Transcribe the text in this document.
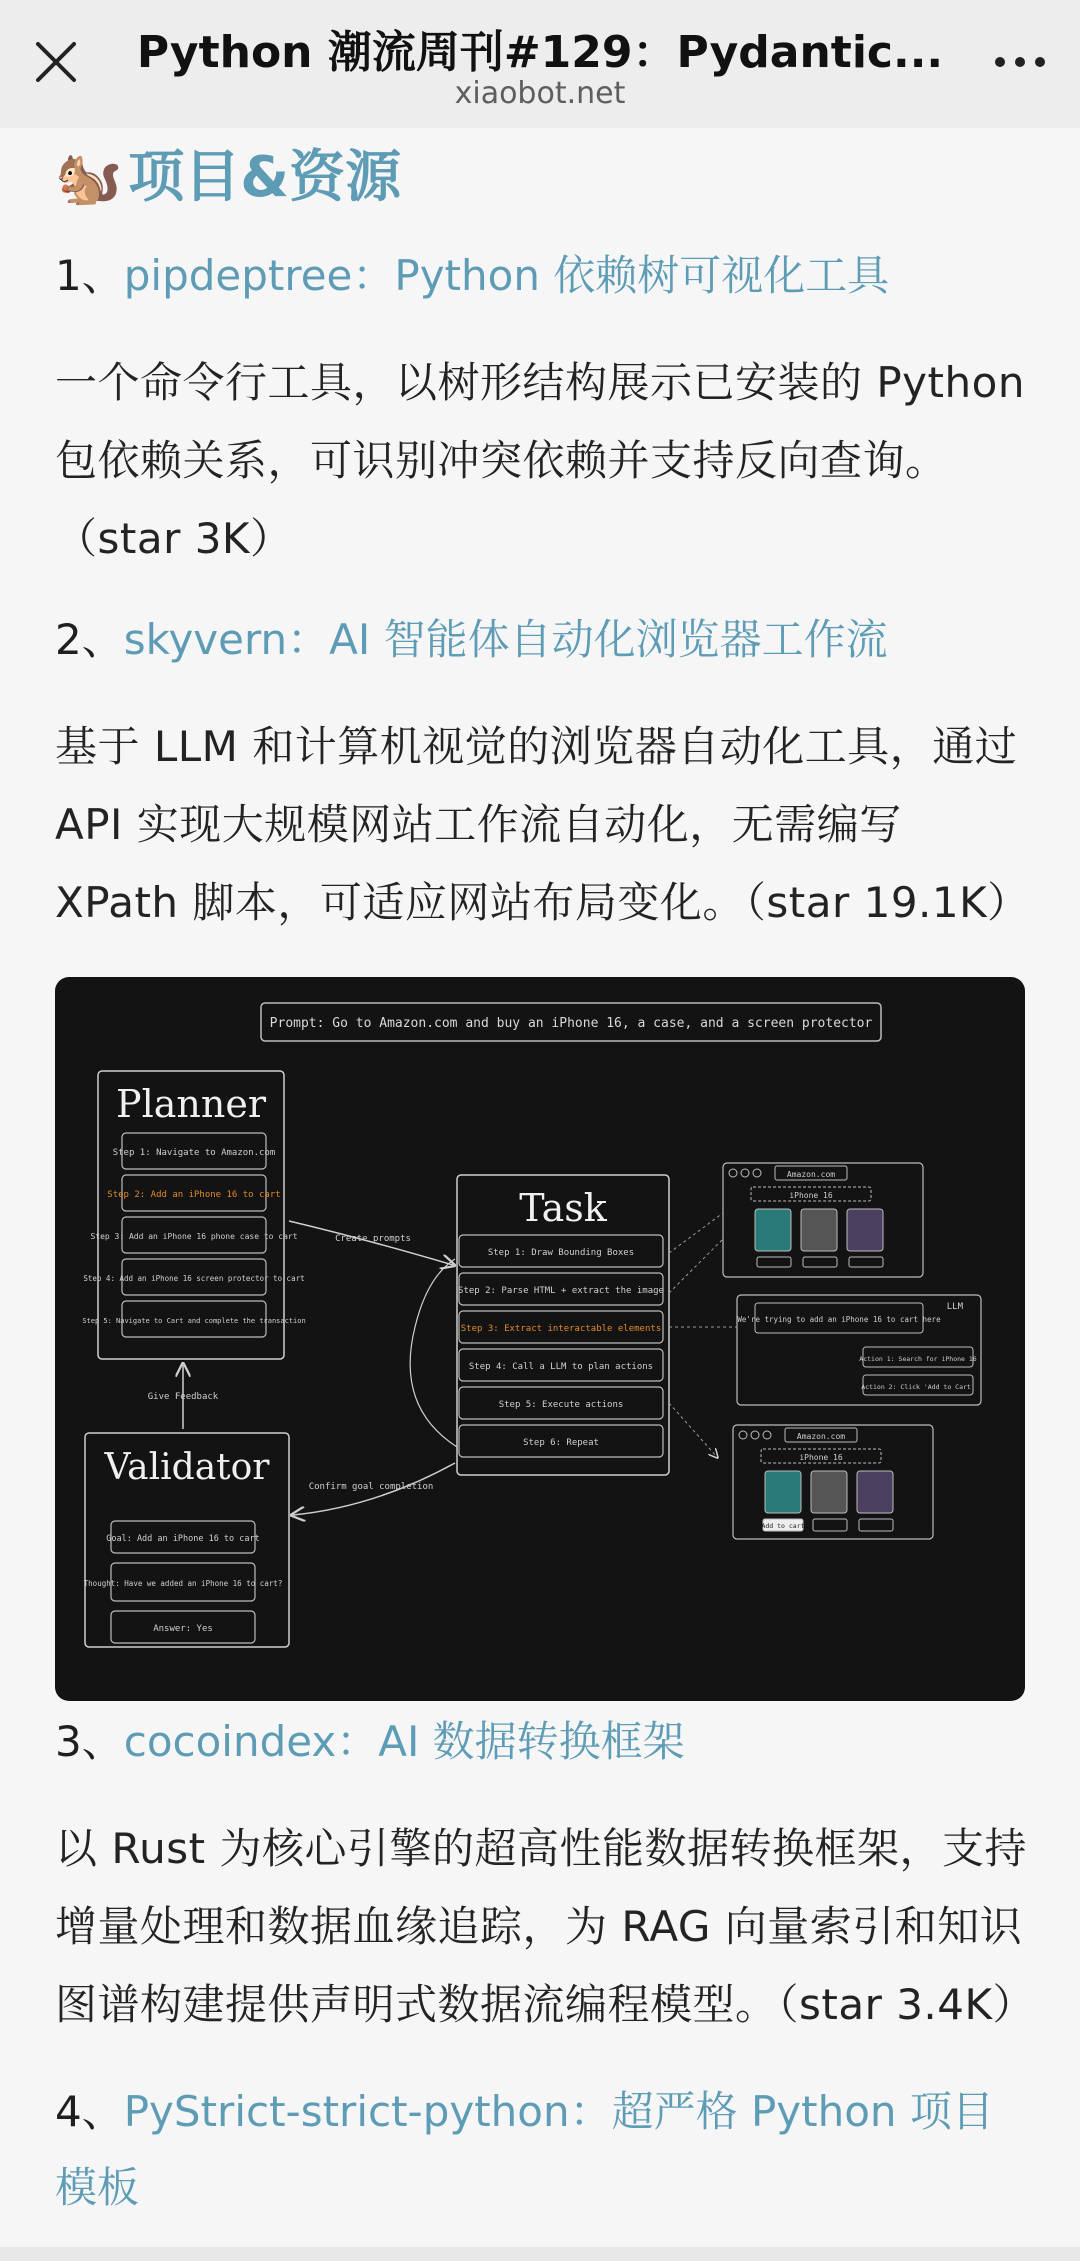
Python 潮流周刊#129：Pydantic...
xiaobot.net
🐿️ 项目&资源
1、pipdeptree：Python 依赖树可视化工具

一个命令行工具，以树形结构展示已安装的 Python

包依赖关系，可识别冲突依赖并支持反向查询。

（star 3K）

2、skyvern：AI 智能体自动化浏览器工作流

基于 LLM 和计算机视觉的浏览器自动化工具，通过

API 实现大规模网站工作流自动化，无需编写

XPath 脚本，可适应网站布局变化。（star 19.1K）

Prompt: Go to Amazon.com and buy an iPhone 16, a case, and a screen protector
Planner
Step 1: Navigate to Amazon.com
Step 2: Add an iPhone 16 to cart
Step 3: Add an iPhone 16 phone case to cart
Step 4: Add an iPhone 16 screen protector to cart
Step 5: Navigate to Cart and complete the transaction
Validator
Goal: Add an iPhone 16 to cart
Thought: Have we added an iPhone 16 to cart?
Answer: Yes
Give Feedback
Task
Step 1: Draw Bounding Boxes
Step 2: Parse HTML + extract the image
Step 3: Extract interactable elements
Step 4: Call a LLM to plan actions
Step 5: Execute actions
Step 6: Repeat
Create prompts
Confirm goal completion
Amazon.com
iPhone 16
LLM
We're trying to add an iPhone 16 to cart here
Action 1: Search for iPhone 16
Action 2: Click 'Add to Cart'
Amazon.com
iPhone 16
Add to cart
3、cocoindex：AI 数据转换框架

以 Rust 为核心引擎的超高性能数据转换框架，支持

增量处理和数据血缘追踪，为 RAG 向量索引和知识

图谱构建提供声明式数据流编程模型。（star 3.4K）

4、PyStrict-strict-python：超严格 Python 项目
模板
